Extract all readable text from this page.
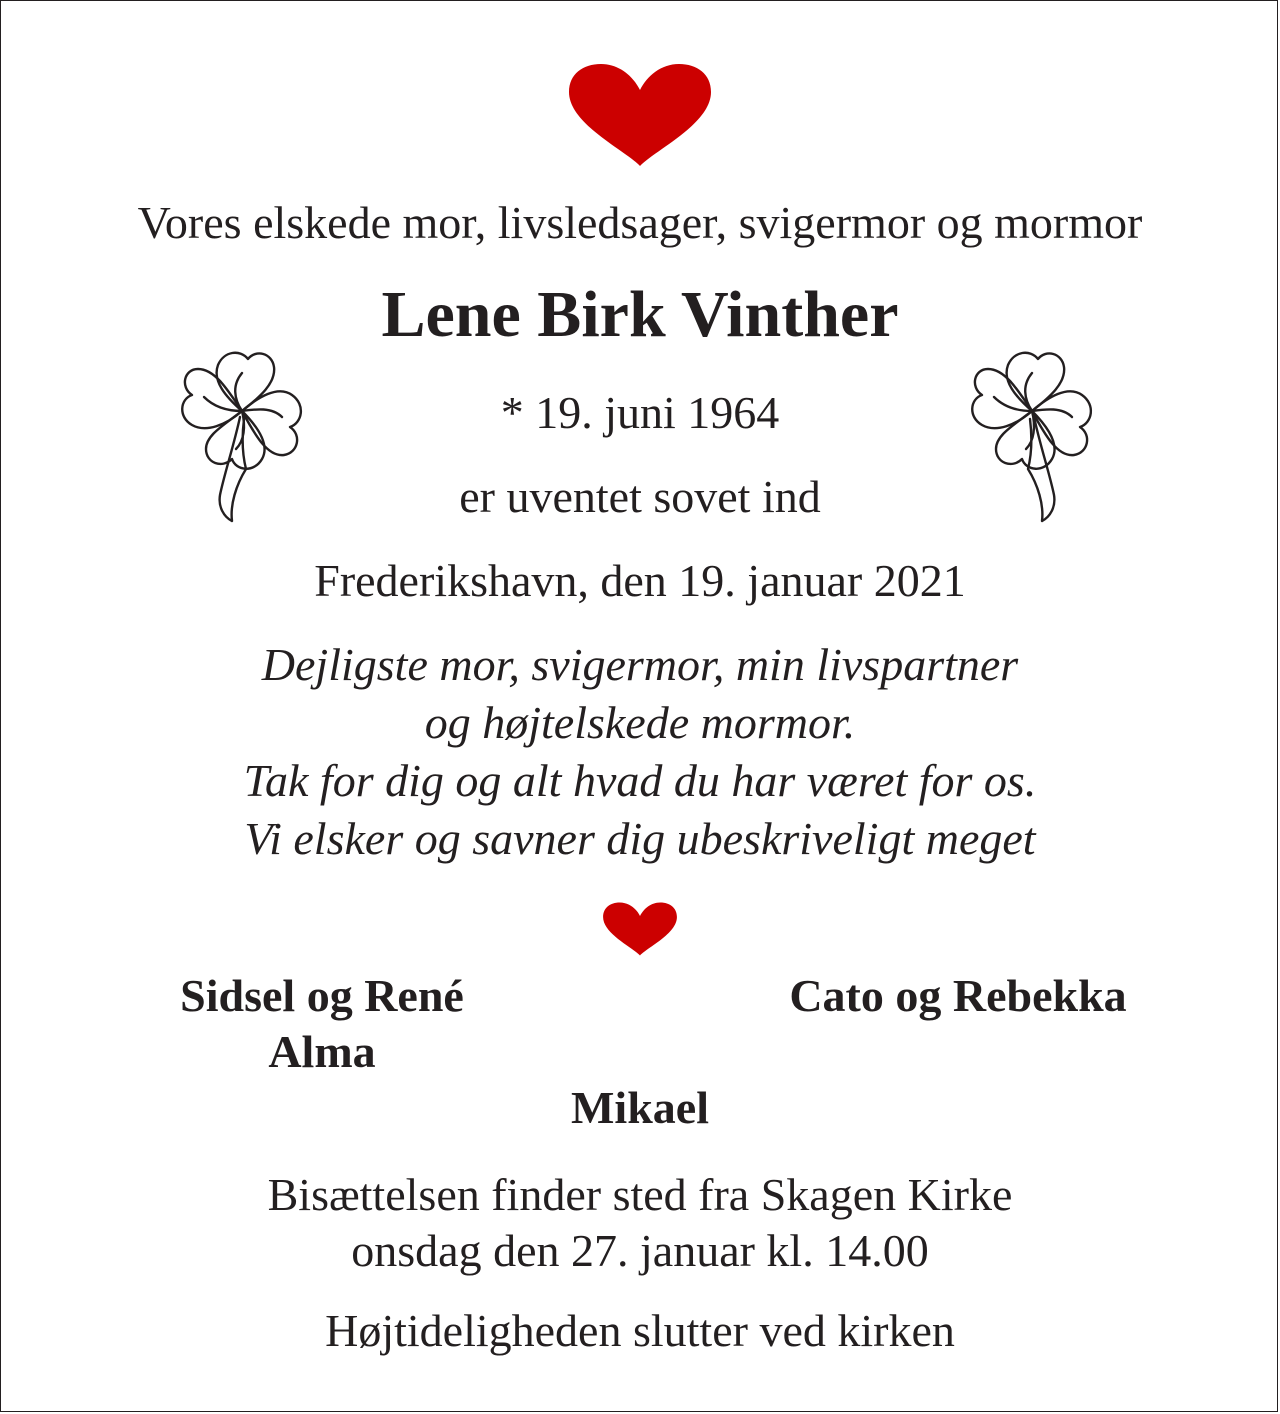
Vores elskede mor, livsledsager, svigermor og mormor
Lene Birk Vinther
* 19. juni 1964
er uventet sovet ind
Frederikshavn, den 19. januar 2021
Dejligste mor, svigermor, min livspartner
og højtelskede mormor.
Tak for dig og alt hvad du har været for os.
Vi elsker og savner dig ubeskriveligt meget
Sidsel og René
Alma
Cato og Rebekka
Mikael
Bisættelsen finder sted fra Skagen Kirke
onsdag den 27. januar kl. 14.00
Højtideligheden slutter ved kirken
